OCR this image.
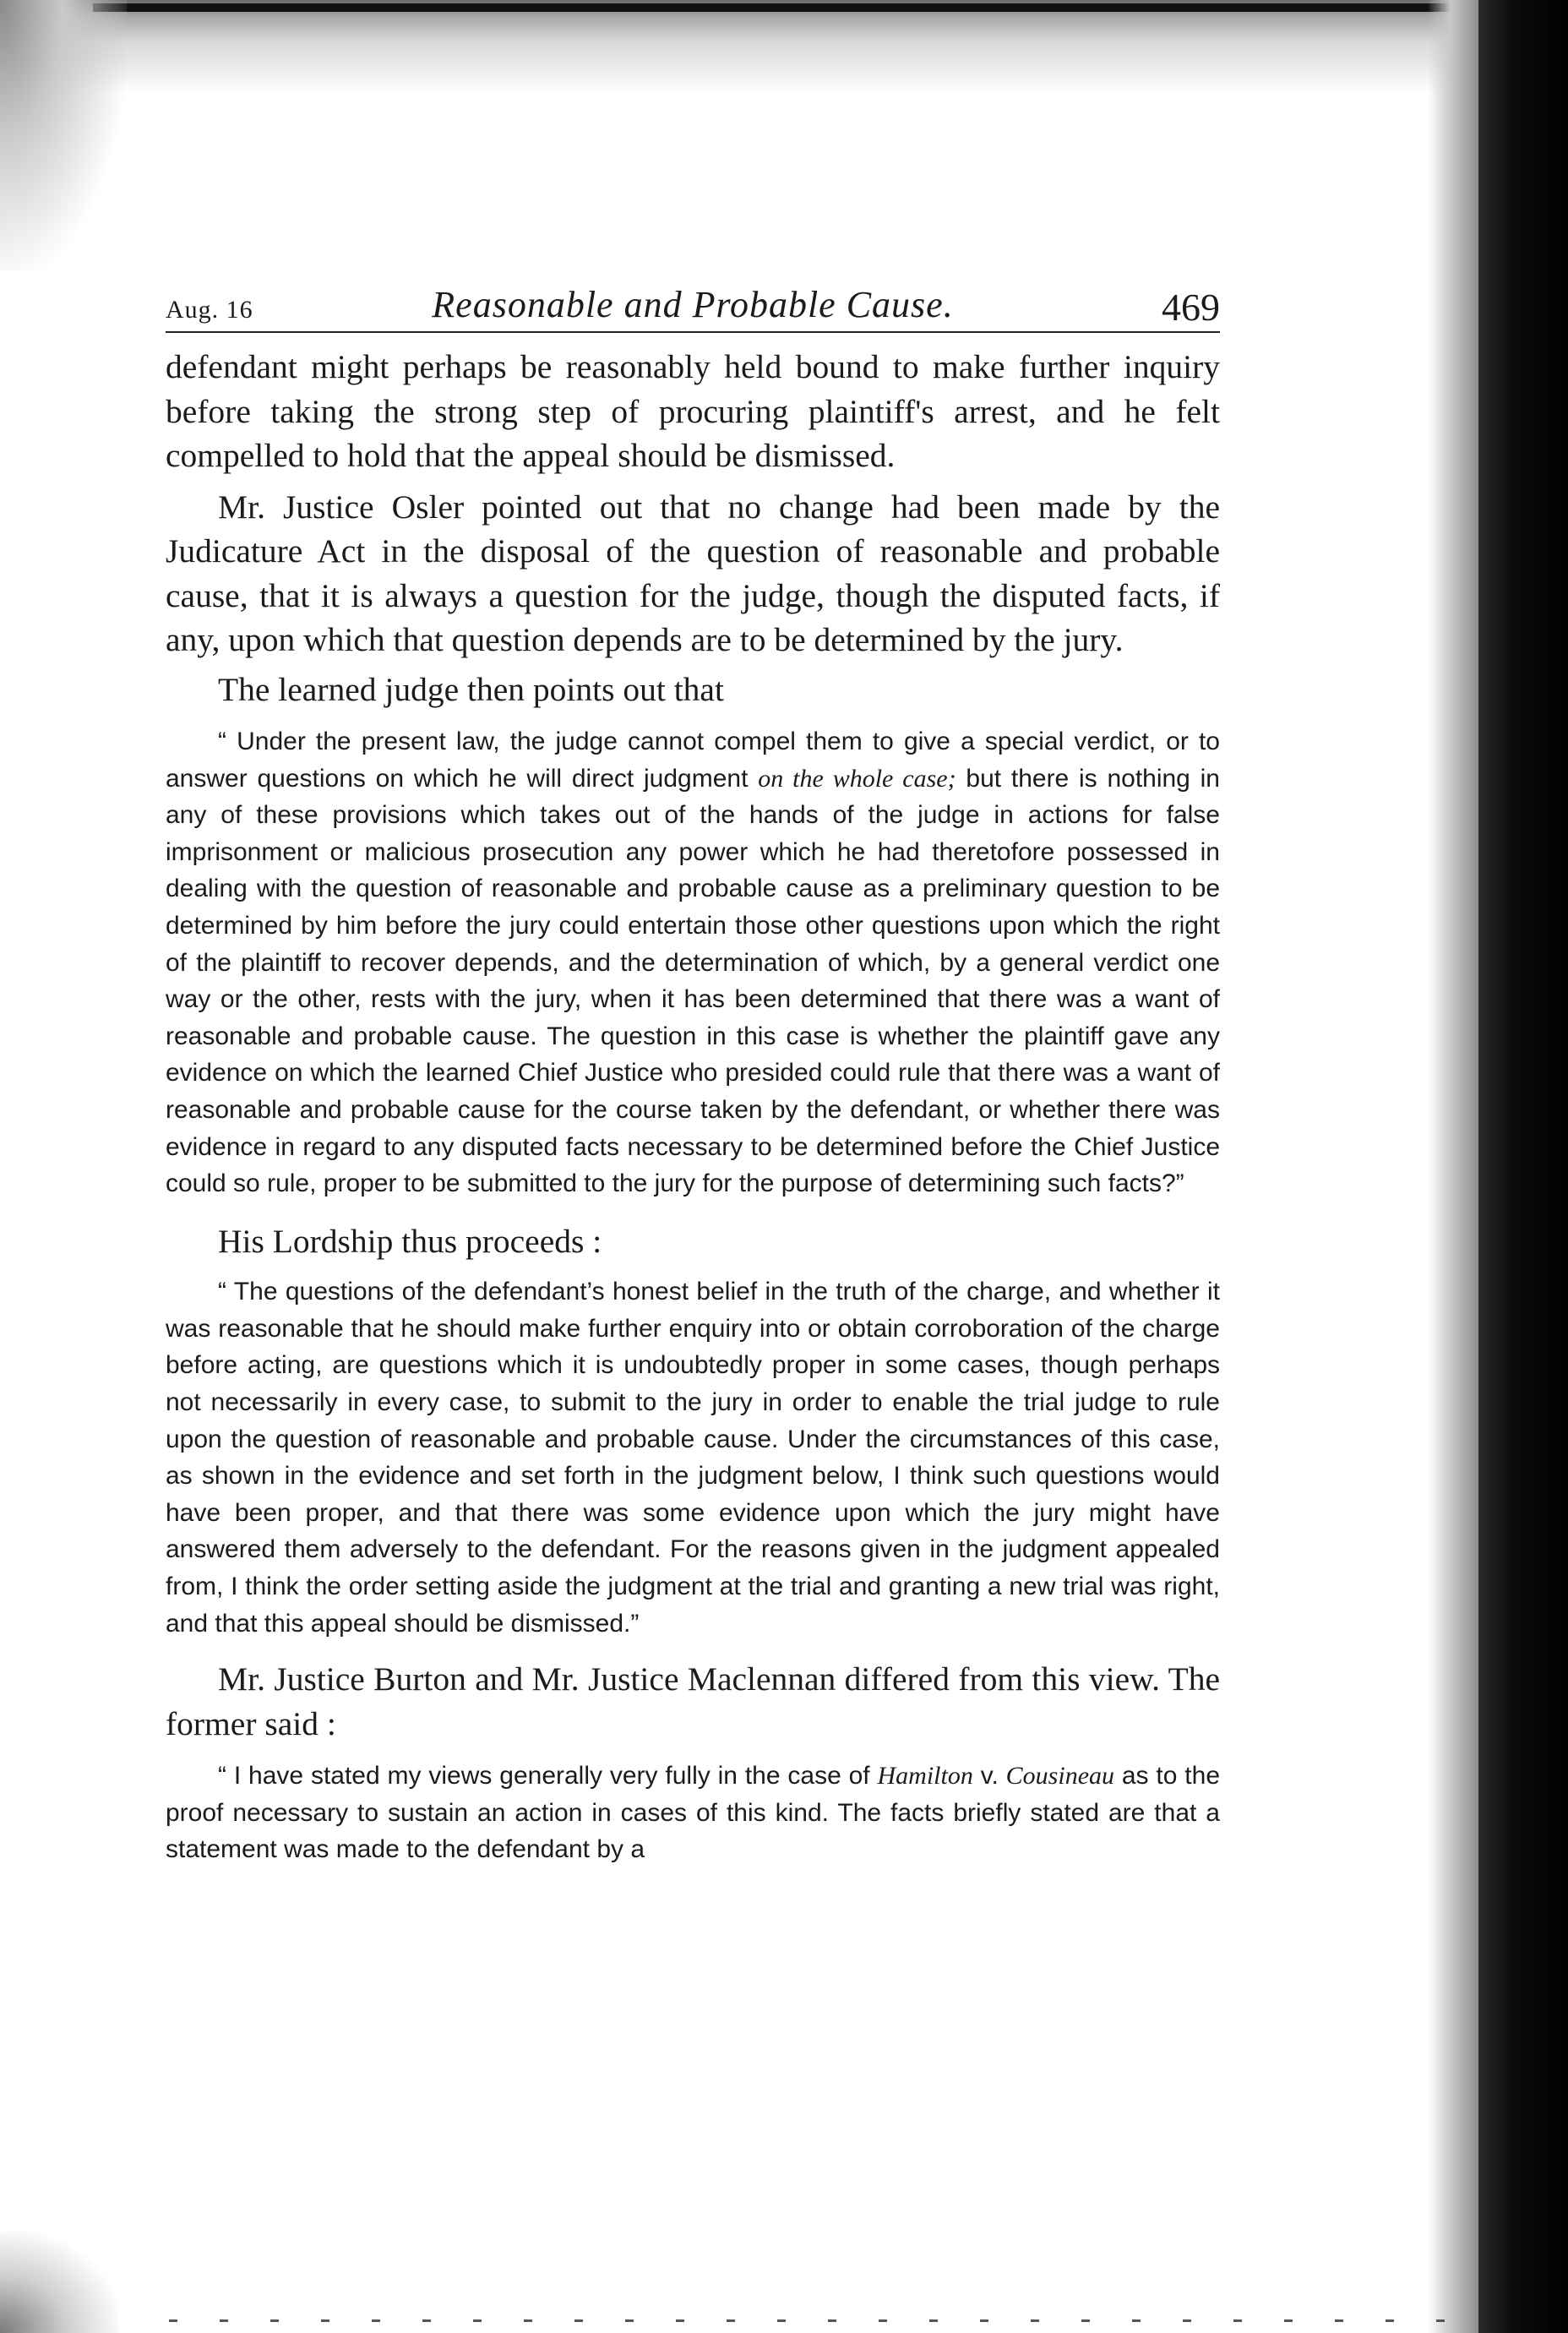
Aug. 16	Reasonable and Probable Cause.	469

defendant might perhaps be reasonably held bound to make further inquiry before taking the strong step of procuring plaintiff's arrest, and he felt compelled to hold that the appeal should be dismissed.

Mr. Justice Osler pointed out that no change had been made by the Judicature Act in the disposal of the question of reasonable and probable cause, that it is always a question for the judge, though the disputed facts, if any, upon which that question depends are to be determined by the jury.

The learned judge then points out that

“ Under the present law, the judge cannot compel them to give a special verdict, or to answer questions on which he will direct judgment on the whole case; but there is nothing in any of these provisions which takes out of the hands of the judge in actions for false imprisonment or malicious prosecution any power which he had theretofore possessed in dealing with the question of reasonable and probable cause as a preliminary question to be determined by him before the jury could entertain those other questions upon which the right of the plaintiff to recover depends, and the determination of which, by a general verdict one way or the other, rests with the jury, when it has been determined that there was a want of reasonable and probable cause. The question in this case is whether the plaintiff gave any evidence on which the learned Chief Justice who presided could rule that there was a want of reasonable and probable cause for the course taken by the defendant, or whether there was evidence in regard to any disputed facts necessary to be determined before the Chief Justice could so rule, proper to be submitted to the jury for the purpose of determining such facts?”

His Lordship thus proceeds :

“ The questions of the defendant’s honest belief in the truth of the charge, and whether it was reasonable that he should make further enquiry into or obtain corroboration of the charge before acting, are questions which it is undoubtedly proper in some cases, though perhaps not necessarily in every case, to submit to the jury in order to enable the trial judge to rule upon the question of reasonable and probable cause. Under the circumstances of this case, as shown in the evidence and set forth in the judgment below, I think such questions would have been proper, and that there was some evidence upon which the jury might have answered them adversely to the defendant. For the reasons given in the judgment appealed from, I think the order setting aside the judgment at the trial and granting a new trial was right, and that this appeal should be dismissed.”

Mr. Justice Burton and Mr. Justice Maclennan differed from this view. The former said :

“ I have stated my views generally very fully in the case of Hamilton v. Cousineau as to the proof necessary to sustain an action in cases of this kind. The facts briefly stated are that a statement was made to the defendant by a
